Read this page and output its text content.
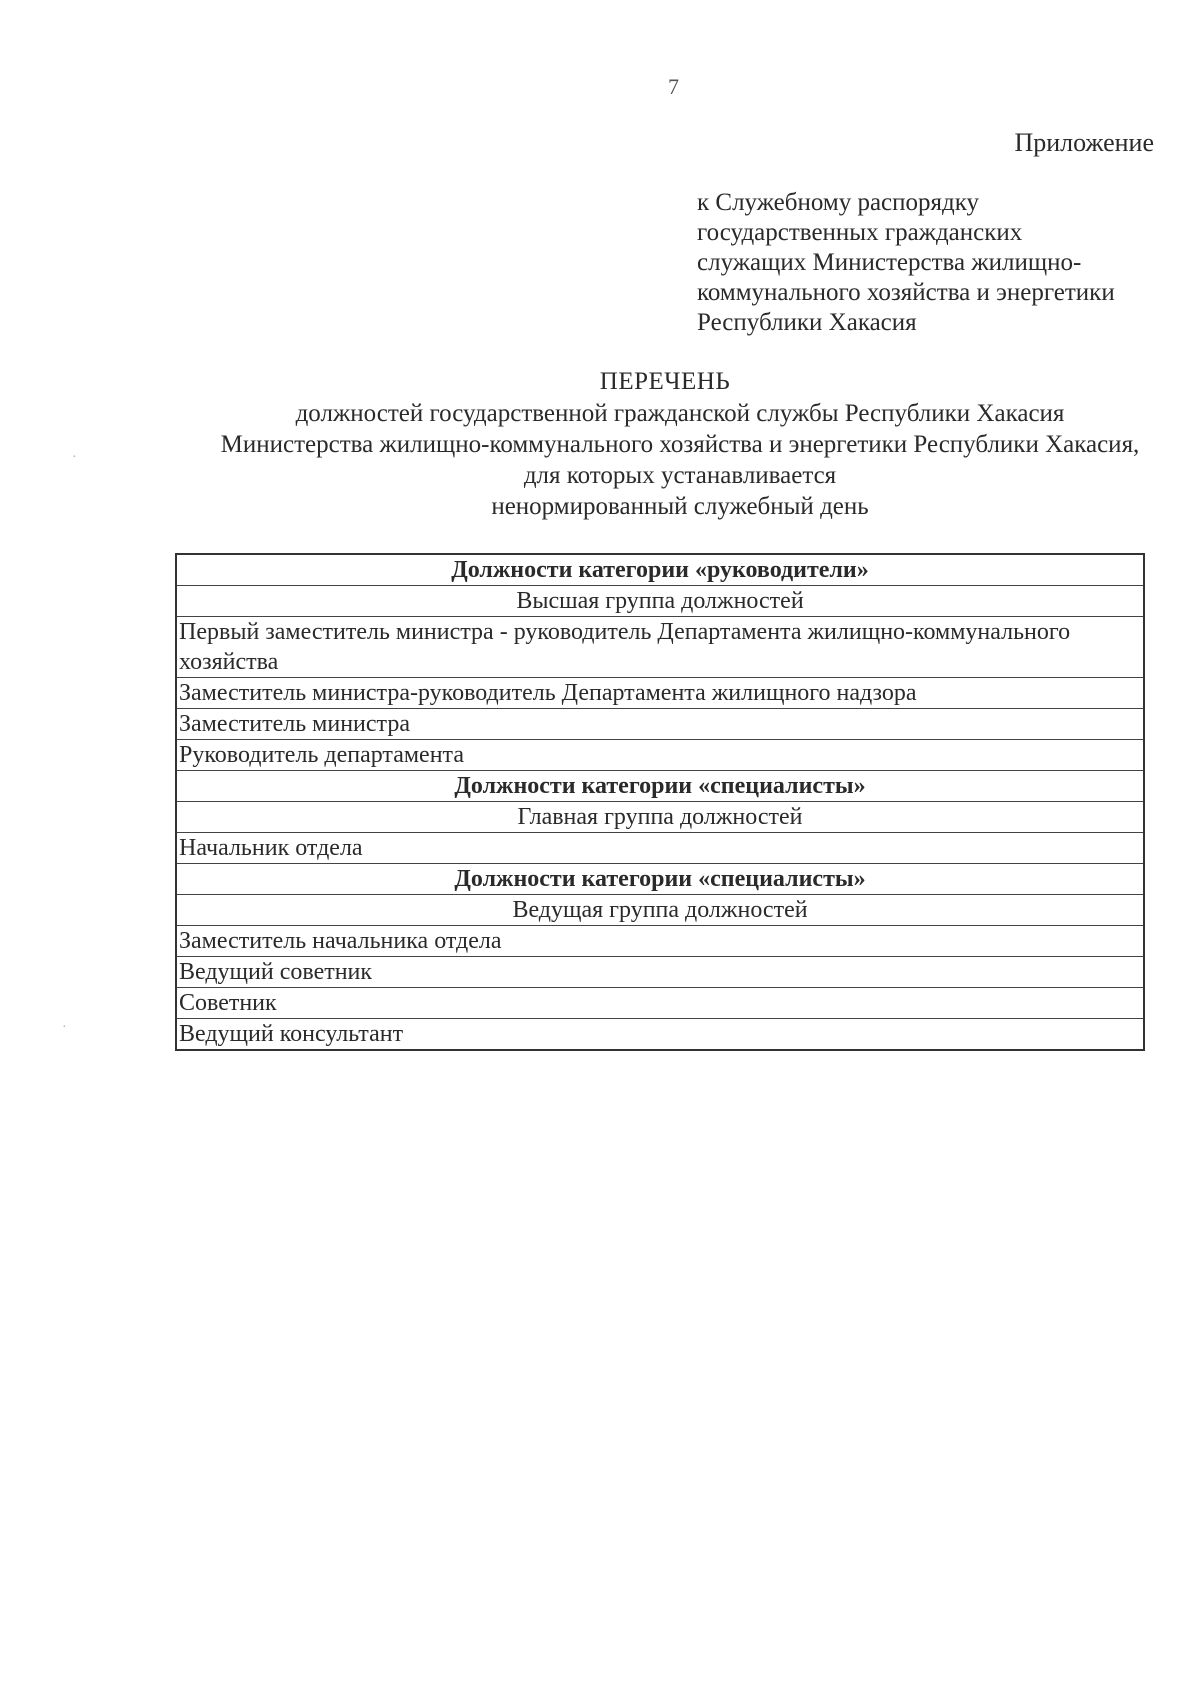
7
Приложение
к Служебному распорядку
государственных гражданских
служащих Министерства жилищно-
коммунального хозяйства и энергетики
Республики Хакасия
ПЕРЕЧЕНЬ
должностей государственной гражданской службы Республики Хакасия
Министерства жилищно-коммунального хозяйства и энергетики Республики Хакасия,
для которых устанавливается
ненормированный служебный день
Должности категории «руководители»
Высшая группа должностей
Первый заместитель министра - руководитель Департамента жилищно-коммунального хозяйства
Заместитель министра-руководитель Департамента жилищного надзора
Заместитель министра
Руководитель департамента
Должности категории «специалисты»
Главная группа должностей
Начальник отдела
Должности категории «специалисты»
Ведущая группа должностей
Заместитель начальника отдела
Ведущий советник
Советник
Ведущий консультант
·
·
